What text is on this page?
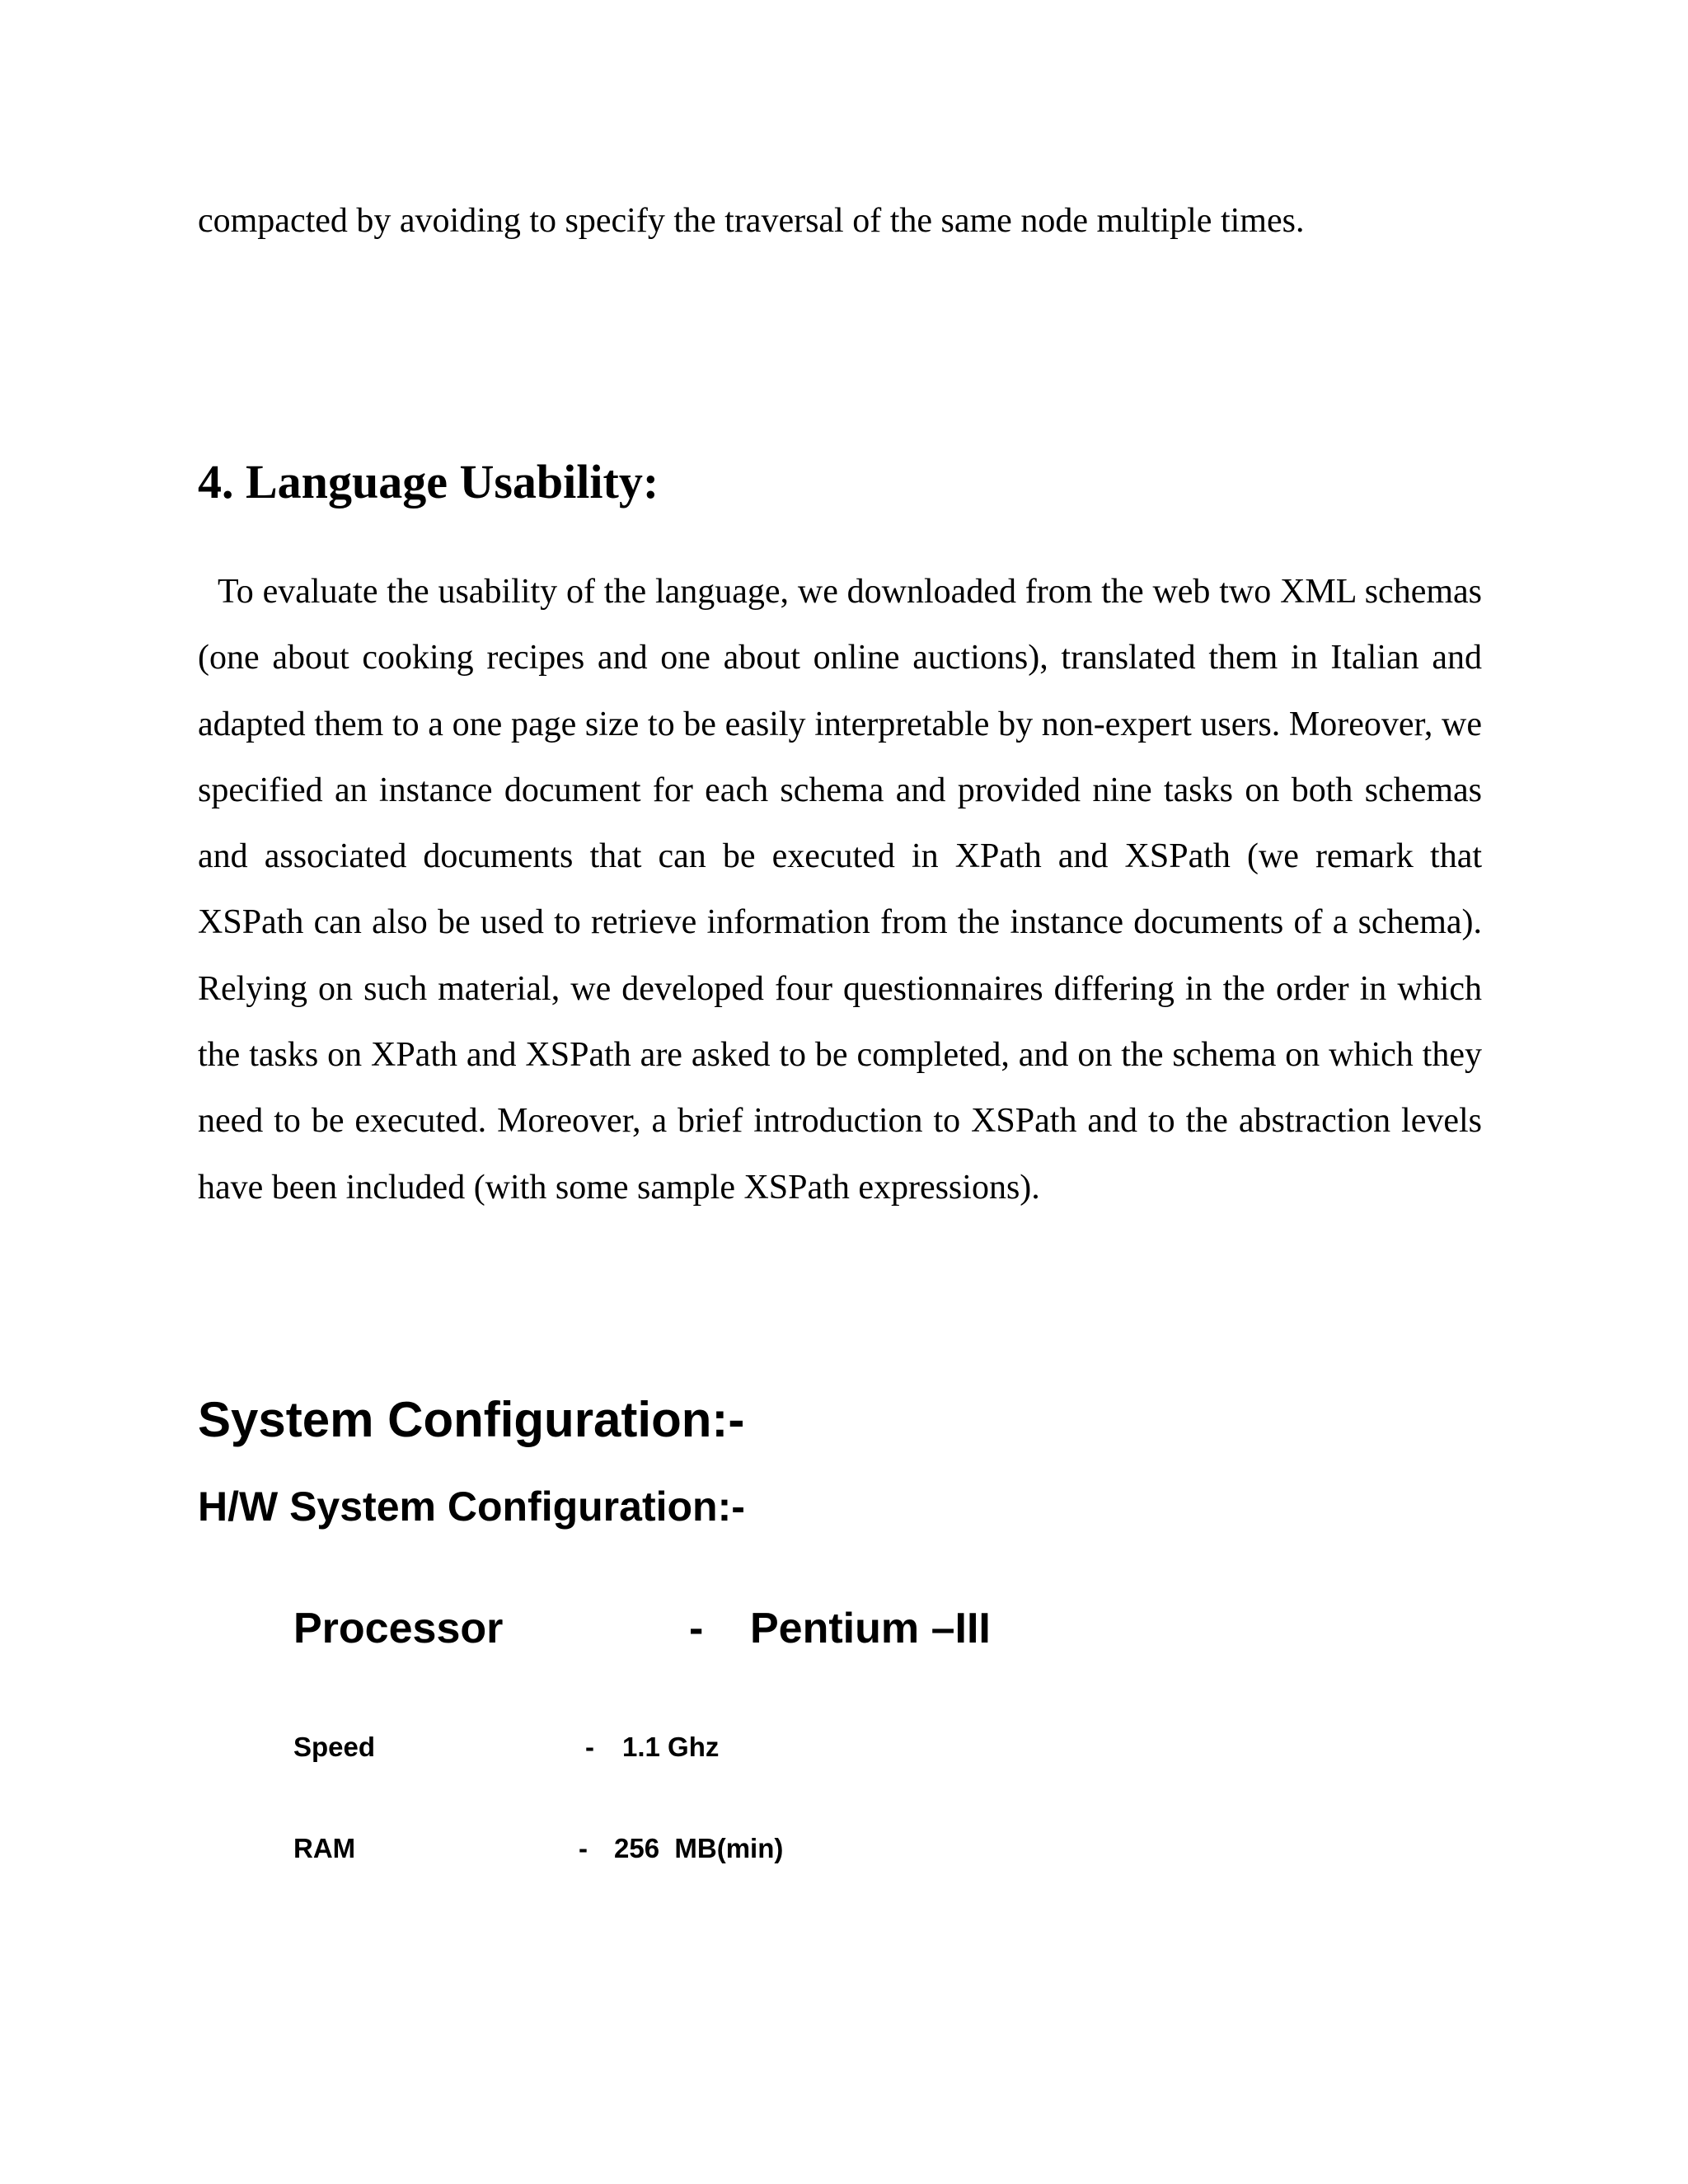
compacted by avoiding to specify the traversal of the same node multiple times.
4. Language Usability:

To evaluate the usability of the language, we downloaded from the web two XML schemas (one about cooking recipes and one about online auctions), translated them in Italian and adapted them to a one page size to be easily interpretable by non-expert users. Moreover, we specified an instance document for each schema and provided nine tasks on both schemas and associated documents that can be executed in XPath and XSPath (we remark that XSPath can also be used to retrieve information from the instance documents of a schema). Relying on such material, we developed four questionnaires differing in the order in which the tasks on XPath and XSPath are asked to be completed, and on the schema on which they need to be executed. Moreover, a brief introduction to XSPath and to the abstraction levels have been included (with some sample XSPath expressions).

System Configuration:-
H/W System Configuration:-
Processor	- Pentium –III
Speed	- 1.1 Ghz
RAM	- 256  MB(min)
